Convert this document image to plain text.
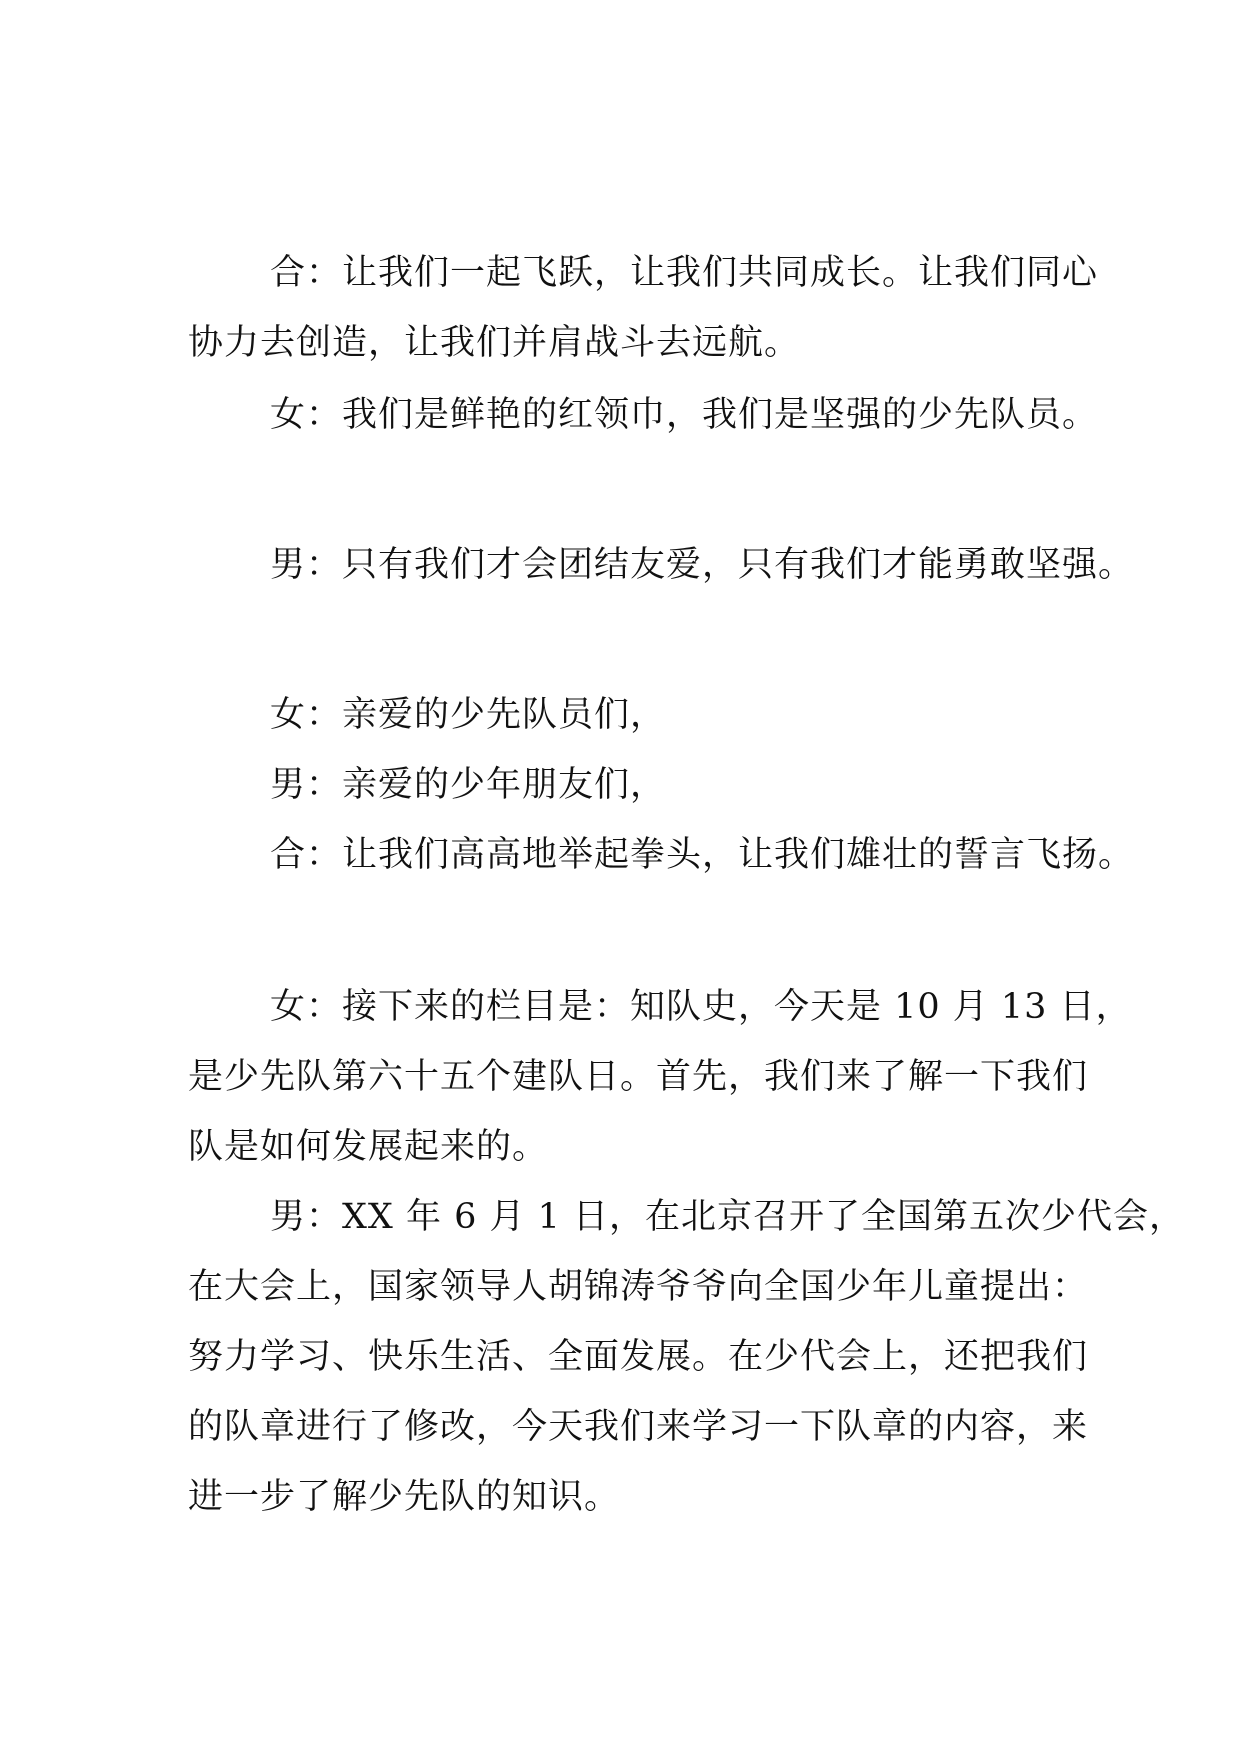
合：让我们一起飞跃，让我们共同成长。让我们同心
协力去创造，让我们并肩战斗去远航。
女：我们是鲜艳的红领巾，我们是坚强的少先队员。
男：只有我们才会团结友爱，只有我们才能勇敢坚强。
女：亲爱的少先队员们，
男：亲爱的少年朋友们，
合：让我们高高地举起拳头，让我们雄壮的誓言飞扬。
女：接下来的栏目是：知队史，今天是 10 月 13 日，
是少先队第六十五个建队日。首先，我们来了解一下我们
队是如何发展起来的。
男：XX 年 6 月 1 日，在北京召开了全国第五次少代会，
在大会上，国家领导人胡锦涛爷爷向全国少年儿童提出：
努力学习、快乐生活、全面发展。在少代会上，还把我们
的队章进行了修改，今天我们来学习一下队章的内容，来
进一步了解少先队的知识。
